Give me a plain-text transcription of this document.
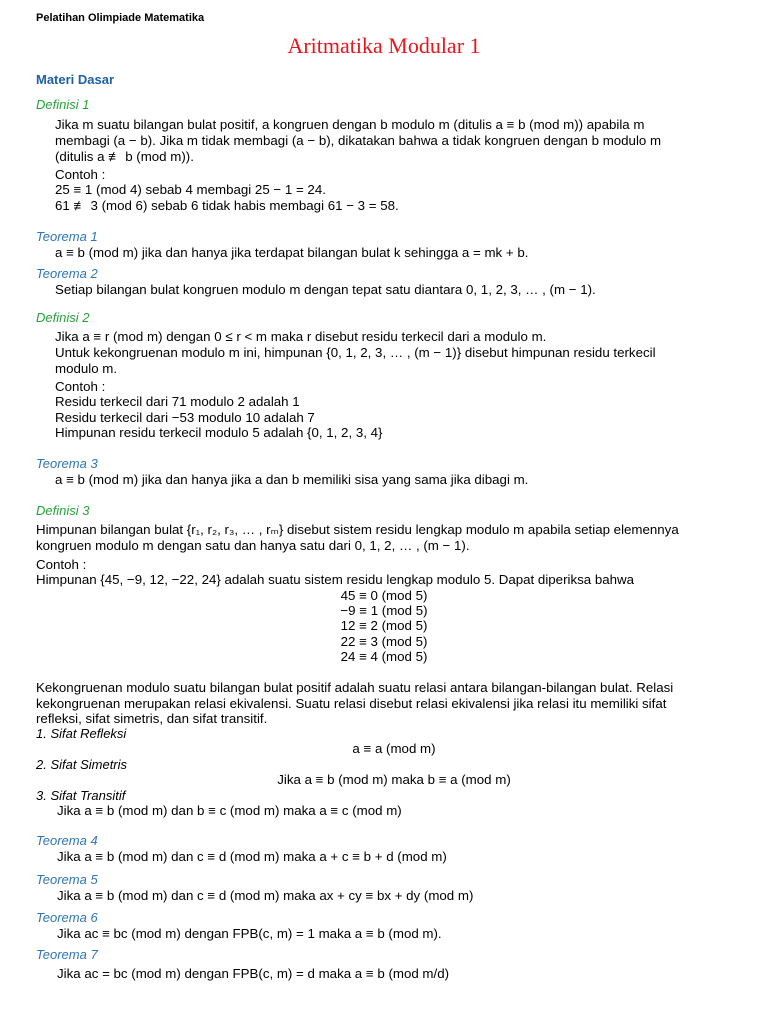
Pelatihan Olimpiade Matematika
Aritmatika Modular 1
Materi Dasar
Definisi 1
Jika m suatu bilangan bulat positif, a kongruen dengan b modulo m (ditulis a ≡ b (mod m)) apabila m
membagi (a − b). Jika m tidak membagi (a − b), dikatakan bahwa a tidak kongruen dengan b modulo m
(ditulis a ≢ b (mod m)).
Contoh :
25 ≡ 1 (mod 4) sebab 4 membagi 25 − 1 = 24.
61 ≢ 3 (mod 6) sebab 6 tidak habis membagi 61 − 3 = 58.
Teorema 1
a ≡ b (mod m) jika dan hanya jika terdapat bilangan bulat k sehingga a = mk + b.
Teorema 2
Setiap bilangan bulat kongruen modulo m dengan tepat satu diantara 0, 1, 2, 3, … , (m − 1).
Definisi 2
Jika a ≡ r (mod m) dengan 0 ≤ r < m maka r disebut residu terkecil dari a modulo m.
Untuk kekongruenan modulo m ini, himpunan {0, 1, 2, 3, … , (m − 1)} disebut himpunan residu terkecil
modulo m.
Contoh :
Residu terkecil dari 71 modulo 2 adalah 1
Residu terkecil dari −53 modulo 10 adalah 7
Himpunan residu terkecil modulo 5 adalah {0, 1, 2, 3, 4}
Teorema 3
a ≡ b (mod m) jika dan hanya jika a dan b memiliki sisa yang sama jika dibagi m.
Definisi 3
Himpunan bilangan bulat {r₁, r₂, r₃, … , rₘ} disebut sistem residu lengkap modulo m apabila setiap elemennya
kongruen modulo m dengan satu dan hanya satu dari 0, 1, 2, … , (m − 1).
Contoh :
Himpunan {45, −9, 12, −22, 24} adalah suatu sistem residu lengkap modulo 5. Dapat diperiksa bahwa
45 ≡ 0 (mod 5)
−9 ≡ 1 (mod 5)
12 ≡ 2 (mod 5)
22 ≡ 3 (mod 5)
24 ≡ 4 (mod 5)
Kekongruenan modulo suatu bilangan bulat positif adalah suatu relasi antara bilangan-bilangan bulat. Relasi
kekongruenan merupakan relasi ekivalensi. Suatu relasi disebut relasi ekivalensi jika relasi itu memiliki sifat
refleksi, sifat simetris, dan sifat transitif.
1. Sifat Refleksi
a ≡ a (mod m)
2. Sifat Simetris
Jika a ≡ b (mod m) maka b ≡ a (mod m)
3. Sifat Transitif
Jika a ≡ b (mod m) dan b ≡ c (mod m) maka a ≡ c (mod m)
Teorema 4
Jika a ≡ b (mod m) dan c ≡ d (mod m) maka a + c ≡ b + d (mod m)
Teorema 5
Jika a ≡ b (mod m) dan c ≡ d (mod m) maka ax + cy ≡ bx + dy (mod m)
Teorema 6
Jika ac ≡ bc (mod m) dengan FPB(c, m) = 1 maka a ≡ b (mod m).
Teorema 7
Jika ac = bc (mod m) dengan FPB(c, m) = d maka a ≡ b (mod m/d)
